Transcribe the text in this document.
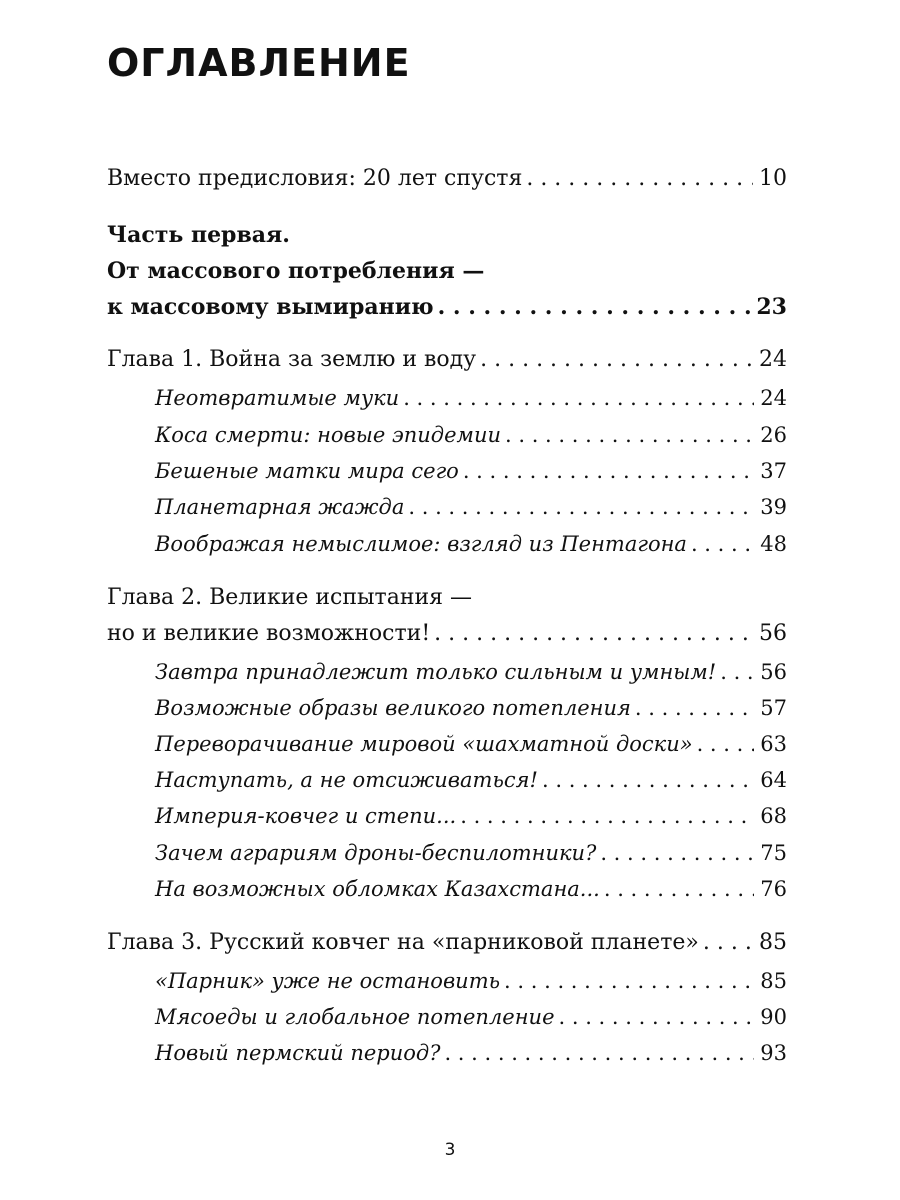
ОГЛАВЛЕНИЕ
Вместо предисловия: 20 лет спустя . . .	10
Часть первая.
От массового потребления —
к массовому вымиранию . . .	23
Глава 1. Война за землю и воду . . .	24
Неотвратимые муки . . .	24
Коса смерти: новые эпидемии . . .	26
Бешеные матки мира сего . . .	37
Планетарная жажда . . .	39
Воображая немыслимое: взгляд из Пентагона . . .	48
Глава 2. Великие испытания —
но и великие возможности! . . .	56
Завтра принадлежит только сильным и умным! . . . 56
Возможные образы великого потепления . . .	57
Переворачивание мировой «шахматной доски» . . .	63
Наступать, а не отсиживаться! . . .	64
Империя-ковчег и степи... . . .	68
Зачем аграриям дроны-беспилотники? . . .	75
На возможных обломках Казахстана... . . .	76
Глава 3. Русский ковчег на «парниковой планете» . . .	85
«Парник» уже не остановить . . .	85
Мясоеды и глобальное потепление . . .	90
Новый пермский период? . . .	93
3
